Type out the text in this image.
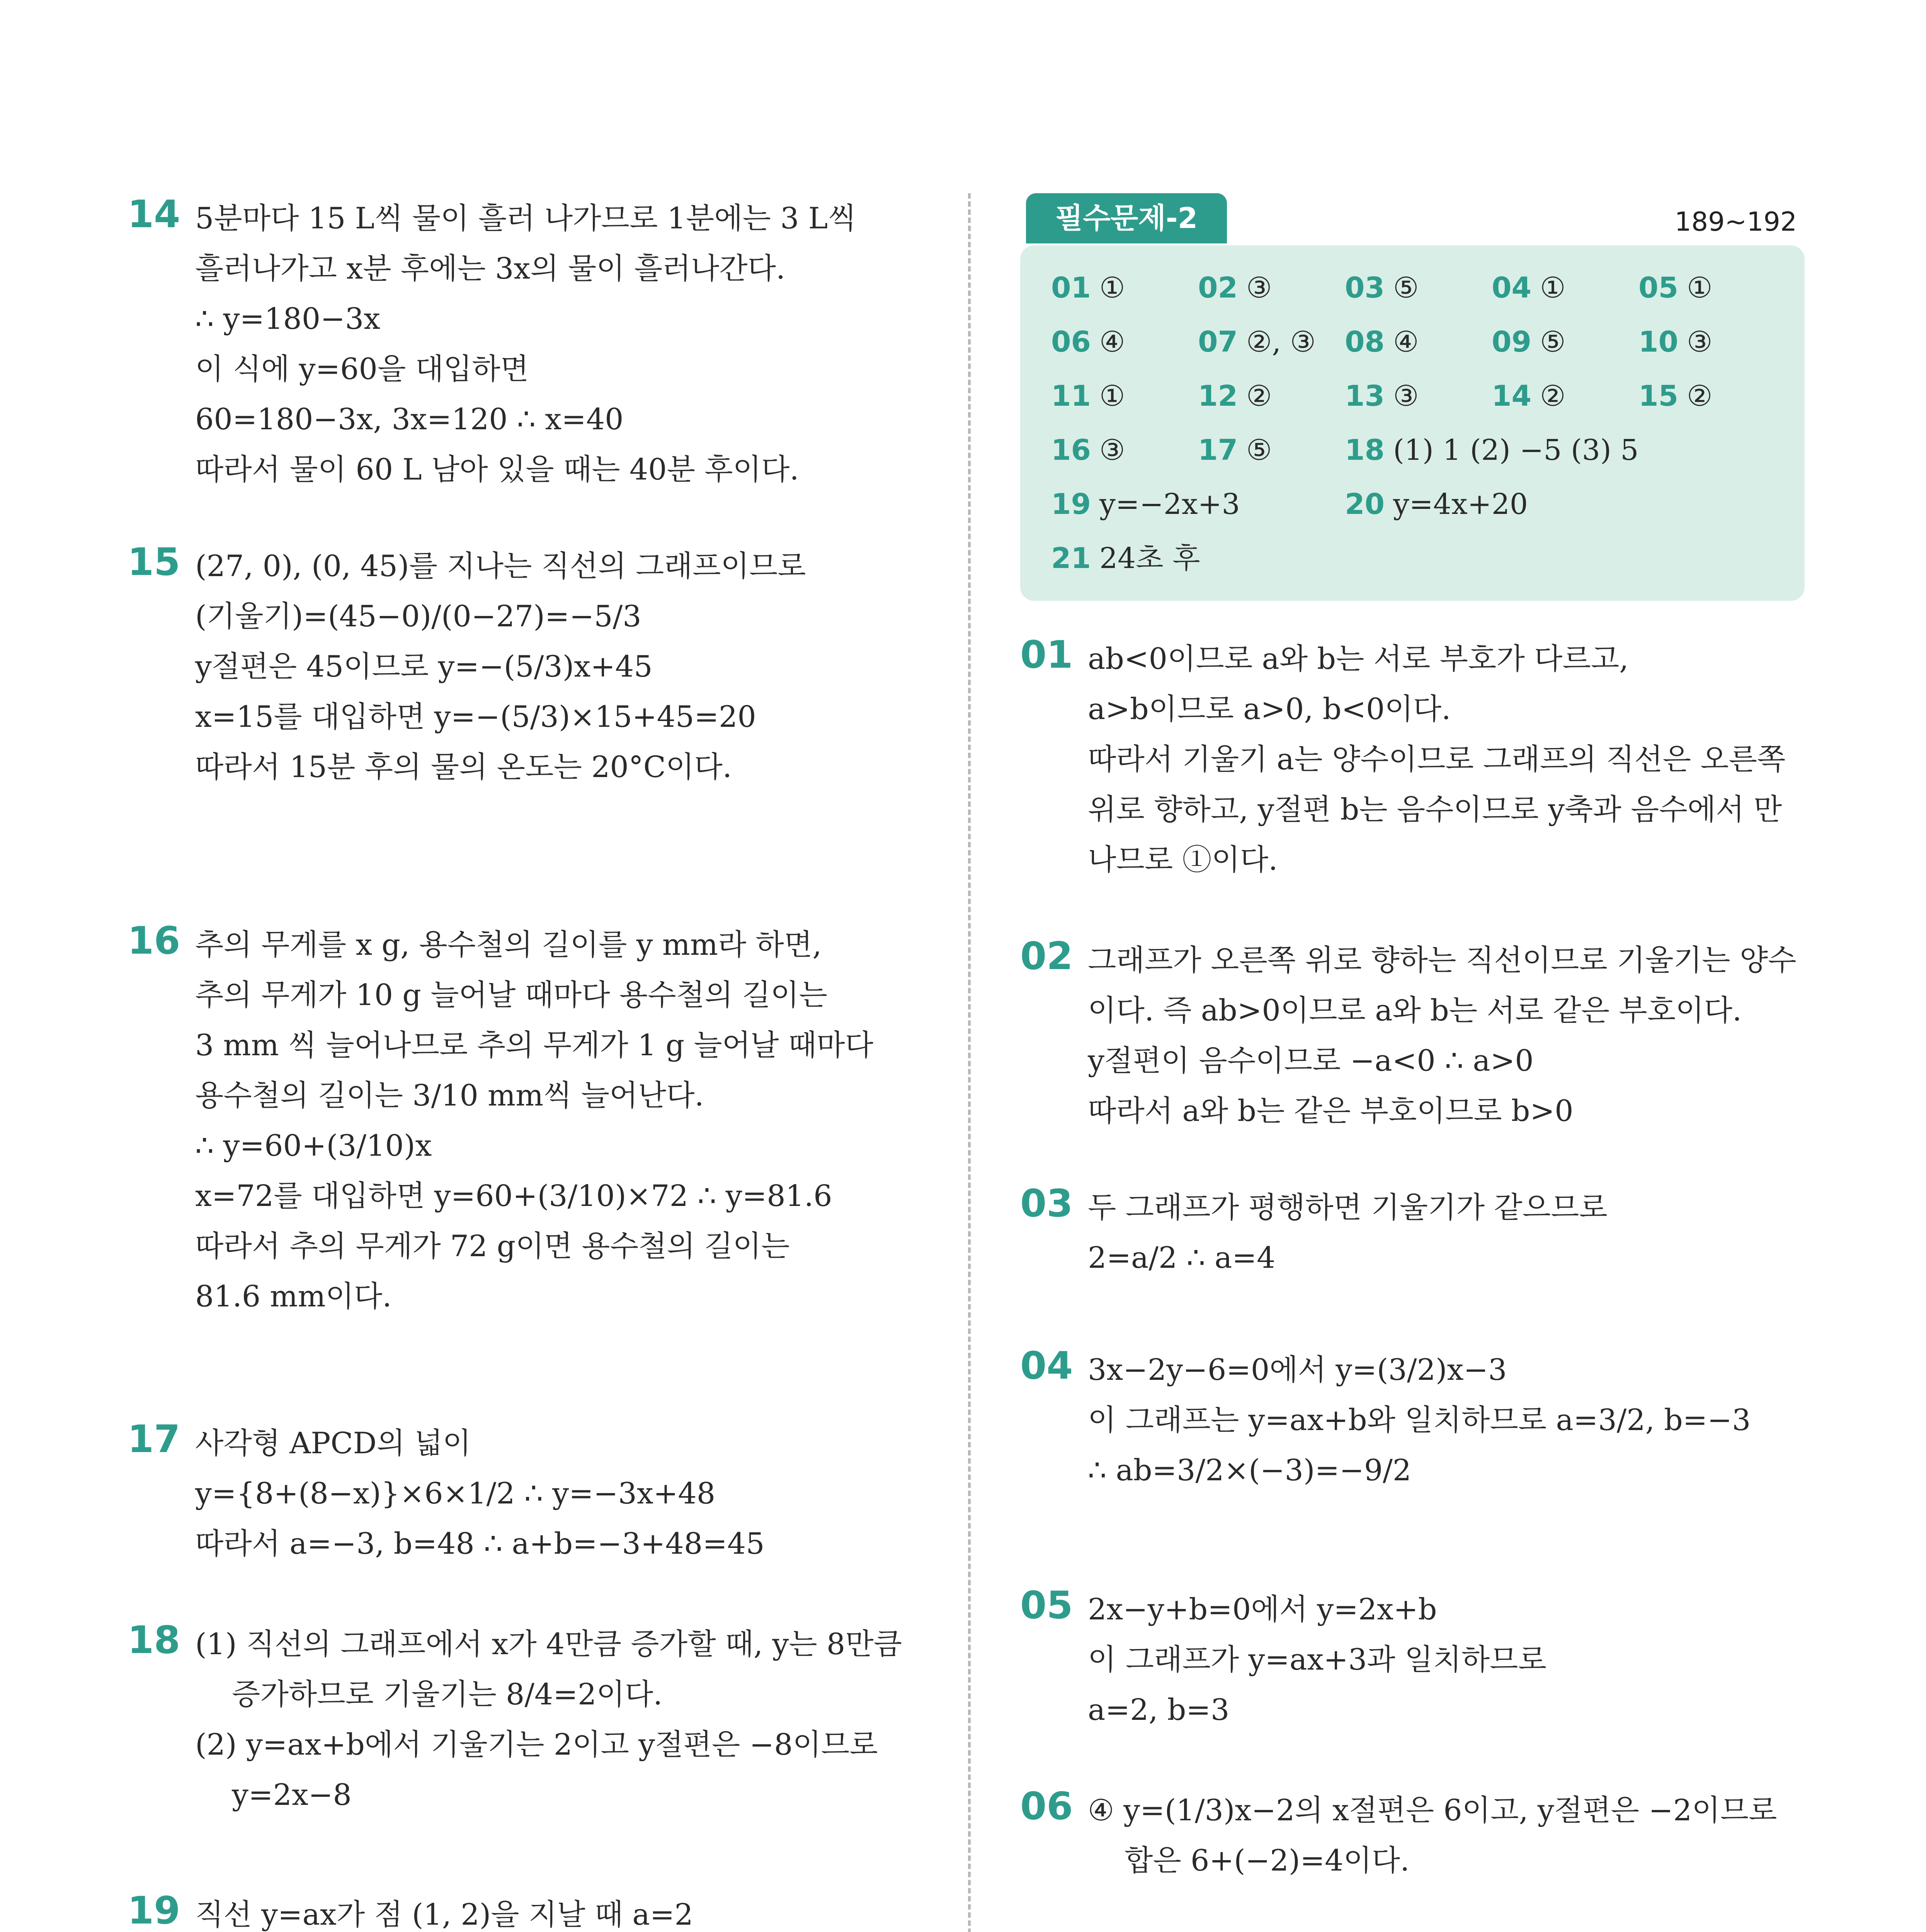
14 5분마다 15 L씩 물이 흘러 나가므로 1분에는 3 L씩
흘러나가고 x분 후에는 3x의 물이 흘러나간다.
∴ y=180−3x
이 식에 y=60을 대입하면
60=180−3x, 3x=120 ∴ x=40
따라서 물이 60 L 남아 있을 때는 40분 후이다.
15 (27, 0), (0, 45)를 지나는 직선의 그래프이므로
(기울기)=(45−0)/(0−27)=−5/3
y절편은 45이므로 y=−(5/3)x+45
x=15를 대입하면 y=−(5/3)×15+45=20
따라서 15분 후의 물의 온도는 20°C이다.
16 추의 무게를 x g, 용수철의 길이를 y mm라 하면,
추의 무게가 10 g 늘어날 때마다 용수철의 길이는
3 mm 씩 늘어나므로 추의 무게가 1 g 늘어날 때마다
용수철의 길이는 3/10 mm씩 늘어난다.
∴ y=60+(3/10)x
x=72를 대입하면 y=60+(3/10)×72 ∴ y=81.6
따라서 추의 무게가 72 g이면 용수철의 길이는
81.6 mm이다.
17 사각형 APCD의 넓이
y={8+(8−x)}×6×1/2 ∴ y=−3x+48
따라서 a=−3, b=48 ∴ a+b=−3+48=45
18 (1) 직선의 그래프에서 x가 4만큼 증가할 때, y는 8만큼
증가하므로 기울기는 8/4=2이다.
(2) y=ax+b에서 기울기는 2이고 y절편은 −8이므로
y=2x−8
19 직선 y=ax가 점 (1, 2)을 지날 때 a=2
필수문제-2	189~192
01 ①	02 ③	03 ⑤	04 ①	05 ①
06 ④	07 ②, ③ 08 ④	09 ⑤	10 ③
11 ①	12 ②	13 ③	14 ②	15 ②
16 ③	17 ⑤	18 (1) 1 (2) −5 (3) 5
19 y=−2x+3	20 y=4x+20
21 24초 후
01 ab<0이므로 a와 b는 서로 부호가 다르고,
a>b이므로 a>0, b<0이다.
따라서 기울기 a는 양수이므로 그래프의 직선은 오른쪽
위로 향하고, y절편 b는 음수이므로 y축과 음수에서 만
나므로 ①이다.
02 그래프가 오른쪽 위로 향하는 직선이므로 기울기는 양수
이다. 즉 ab>0이므로 a와 b는 서로 같은 부호이다.
y절편이 음수이므로 −a<0 ∴ a>0
따라서 a와 b는 같은 부호이므로 b>0
03 두 그래프가 평행하면 기울기가 같으므로
2=a/2 ∴ a=4
04 3x−2y−6=0에서 y=(3/2)x−3
이 그래프는 y=ax+b와 일치하므로 a=3/2, b=−3
∴ ab=3/2×(−3)=−9/2
05 2x−y+b=0에서 y=2x+b
이 그래프가 y=ax+3과 일치하므로
a=2, b=3
06 ④ y=(1/3)x−2의 x절편은 6이고, y절편은 −2이므로
합은 6+(−2)=4이다.
